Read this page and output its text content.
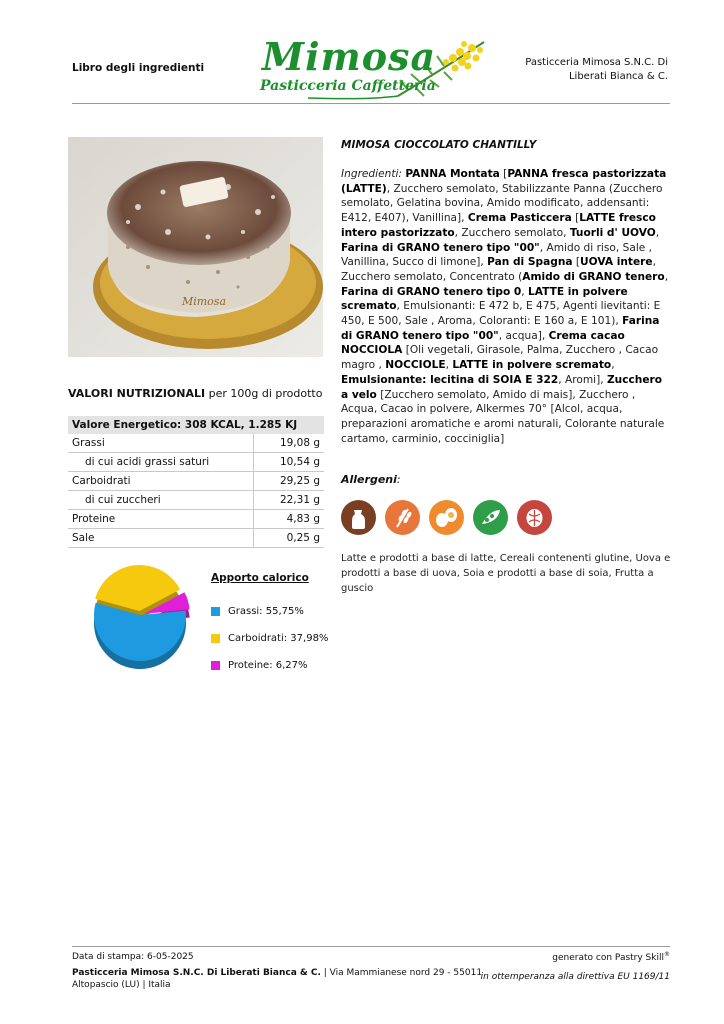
Libro degli ingredienti Mimosa
Pasticceria Caffetteria
Pasticceria Mimosa S.N.C. Di
Liberati Bianca & C.
Mimosa
MIMOSA CIOCCOLATO CHANTILLY
Ingredienti: PANNA Montata [PANNA fresca pastorizzata (LATTE), Zucchero semolato, Stabilizzante Panna (Zucchero semolato, Gelatina bovina, Amido modificato, addensanti: E412, E407), Vanillina], Crema Pasticcera [LATTE fresco intero pastorizzato, Zucchero semolato, Tuorli d' UOVO, Farina di GRANO tenero tipo "00", Amido di riso, Sale , Vanillina, Succo di limone], Pan di Spagna [UOVA intere, Zucchero semolato, Concentrato (Amido di GRANO tenero, Farina di GRANO tenero tipo 0, LATTE in polvere scremato, Emulsionanti: E 472 b, E 475, Agenti lievitanti: E 450, E 500, Sale , Aroma, Coloranti: E 160 a, E 101), Farina di GRANO tenero tipo "00", acqua], Crema cacao NOCCIOLA [Oli vegetali, Girasole, Palma, Zucchero , Cacao magro , NOCCIOLE, LATTE in polvere scremato, Emulsionante: lecitina di SOIA E 322, Aromi], Zucchero a velo [Zucchero semolato, Amido di mais], Zucchero , Acqua, Cacao in polvere, Alkermes 70° [Alcol, acqua, preparazioni aromatiche e aromi naturali, Colorante naturale cartamo, carminio, cocciniglia]
Allergeni:
Latte e prodotti a base di latte, Cereali contenenti glutine, Uova e prodotti a base di uova, Soia e prodotti a base di soia, Frutta a guscio
VALORI NUTRIZIONALI per 100g di prodotto
Valore Energetico: 308 KCAL, 1.285 KJ	
Grassi	19,08 g
di cui acidi grassi saturi	10,54 g
Carboidrati	29,25 g
di cui zuccheri	22,31 g
Proteine	4,83 g
Sale	0,25 g
Apporto calorico
Grassi: 55,75%
Carboidrati: 37,98%
Proteine: 6,27%
Data di stampa: 6-05-2025	generato con Pastry Skill®
Pasticceria Mimosa S.N.C. Di Liberati Bianca & C. | Via Mammianese nord 29 - 55011
Altopascio (LU) | Italia
in ottemperanza alla direttiva EU 1169/11
